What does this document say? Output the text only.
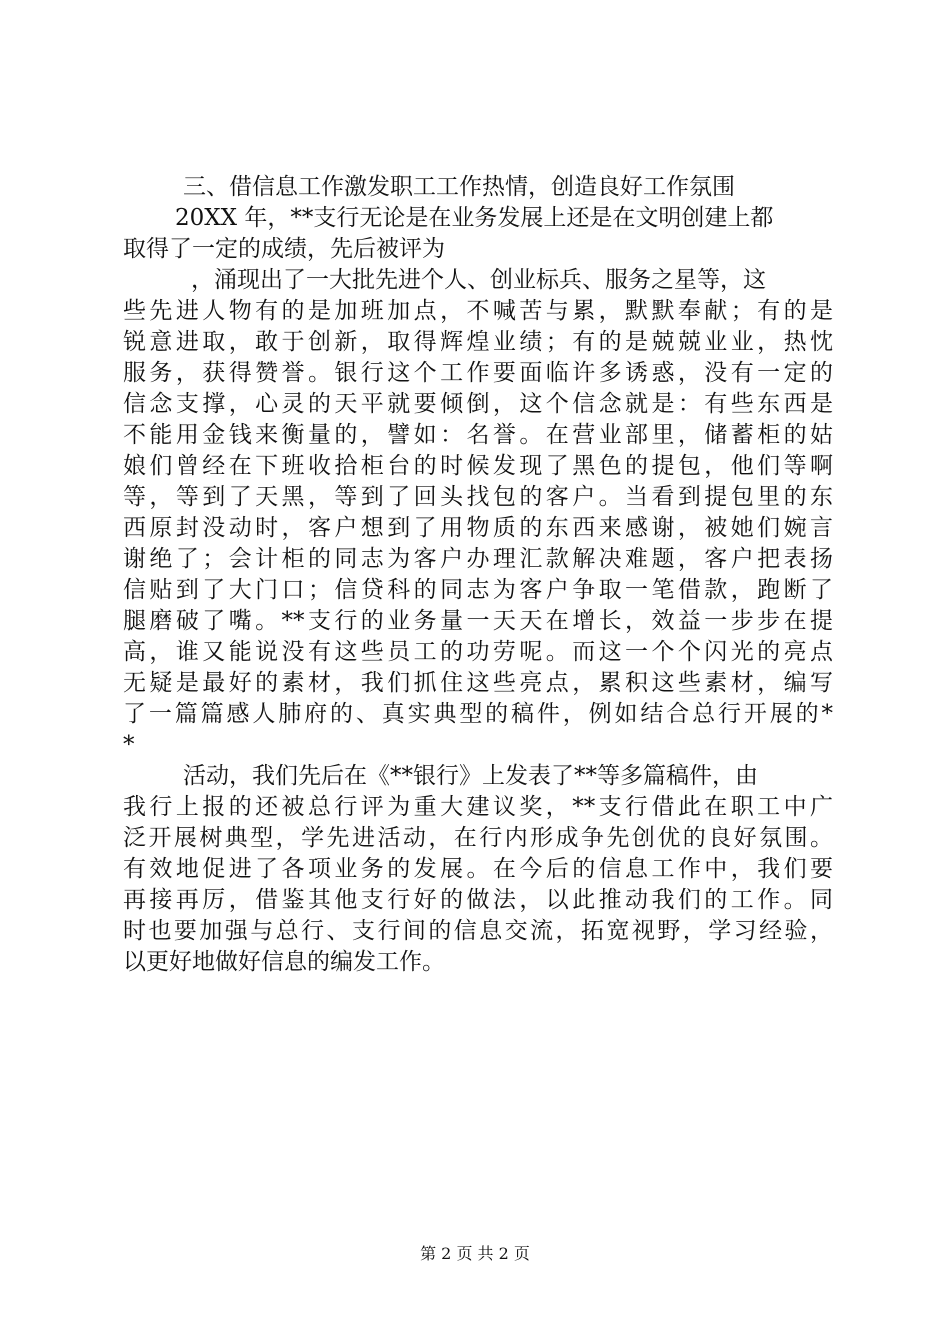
三、借信息工作激发职工工作热情，创造良好工作氛围
20XX 年，**支行无论是在业务发展上还是在文明创建上都
取得了一定的成绩，先后被评为
，涌现出了一大批先进个人、创业标兵、服务之星等，这
些先进人物有的是加班加点，不喊苦与累，默默奉献；有的是
锐意进取，敢于创新，取得辉煌业绩；有的是兢兢业业，热忱
服务，获得赞誉。银行这个工作要面临许多诱惑，没有一定的
信念支撑，心灵的天平就要倾倒，这个信念就是：有些东西是
不能用金钱来衡量的，譬如：名誉。在营业部里，储蓄柜的姑
娘们曾经在下班收拾柜台的时候发现了黑色的提包，他们等啊
等，等到了天黑，等到了回头找包的客户。当看到提包里的东
西原封没动时，客户想到了用物质的东西来感谢，被她们婉言
谢绝了；会计柜的同志为客户办理汇款解决难题，客户把表扬
信贴到了大门口；信贷科的同志为客户争取一笔借款，跑断了
腿磨破了嘴。**支行的业务量一天天在增长，效益一步步在提
高，谁又能说没有这些员工的功劳呢。而这一个个闪光的亮点
无疑是最好的素材，我们抓住这些亮点，累积这些素材，编写
了一篇篇感人肺府的、真实典型的稿件，例如结合总行开展的*
*
活动，我们先后在《**银行》上发表了**等多篇稿件，由
我行上报的还被总行评为重大建议奖，**支行借此在职工中广
泛开展树典型，学先进活动，在行内形成争先创优的良好氛围。
有效地促进了各项业务的发展。在今后的信息工作中，我们要
再接再厉，借鉴其他支行好的做法，以此推动我们的工作。同
时也要加强与总行、支行间的信息交流，拓宽视野，学习经验，
以更好地做好信息的编发工作。
第 2 页 共 2 页
